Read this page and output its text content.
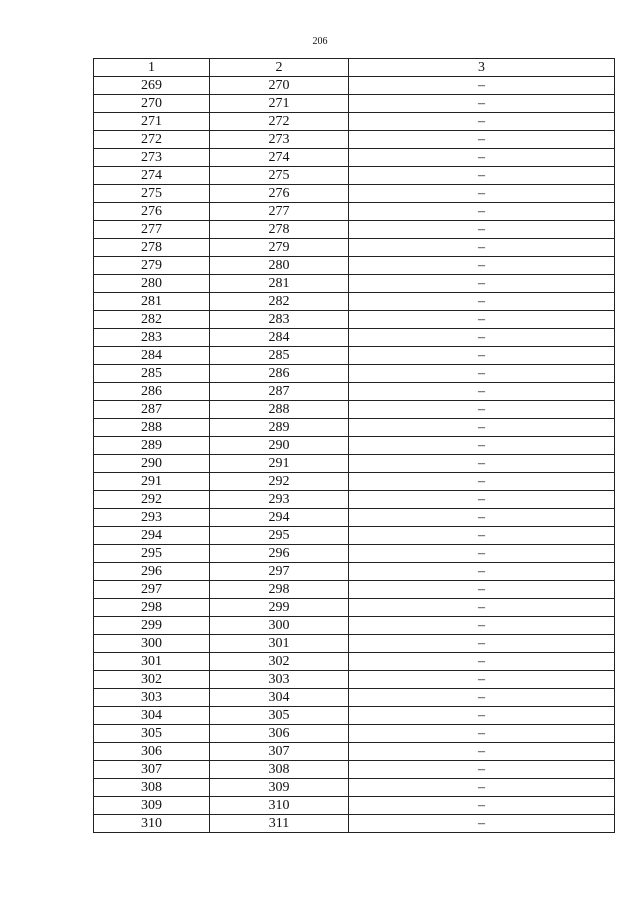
206
1	2	3
269	270	–
270	271	–
271	272	–
272	273	–
273	274	–
274	275	–
275	276	–
276	277	–
277	278	–
278	279	–
279	280	–
280	281	–
281	282	–
282	283	–
283	284	–
284	285	–
285	286	–
286	287	–
287	288	–
288	289	–
289	290	–
290	291	–
291	292	–
292	293	–
293	294	–
294	295	–
295	296	–
296	297	–
297	298	–
298	299	–
299	300	–
300	301	–
301	302	–
302	303	–
303	304	–
304	305	–
305	306	–
306	307	–
307	308	–
308	309	–
309	310	–
310	311	–
